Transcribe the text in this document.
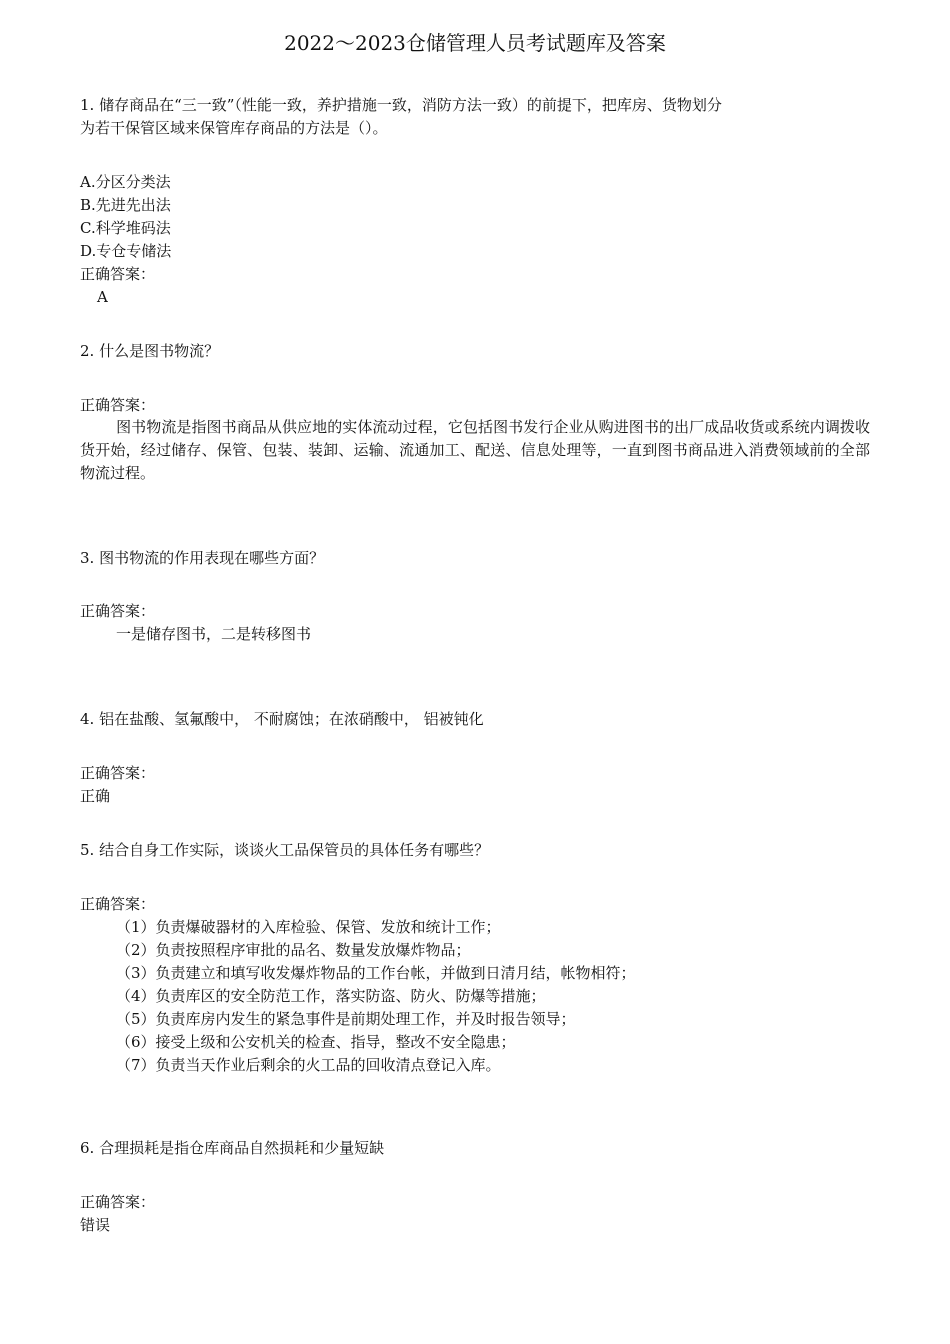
2022～2023仓储管理人员考试题库及答案
1. 储存商品在“三一致”（性能一致，养护措施一致，消防方法一致）的前提下，把库房、货物划分
为若干保管区域来保管库存商品的方法是（）。
A.分区分类法
B.先进先出法
C.科学堆码法
D.专仓专储法
正确答案：
A
2. 什么是图书物流？
正确答案：
图书物流是指图书商品从供应地的实体流动过程，它包括图书发行企业从购进图书的出厂成品收货或系统内调拨收货开始，经过储存、保管、包装、装卸、运输、流通加工、配送、信息处理等，一直到图书商品进入消费领域前的全部物流过程。
3. 图书物流的作用表现在哪些方面？
正确答案：
一是储存图书，二是转移图书
4. 铝在盐酸、氢氟酸中， 不耐腐蚀；在浓硝酸中， 铝被钝化
正确答案：
正确
5. 结合自身工作实际，谈谈火工品保管员的具体任务有哪些？
正确答案：
（1）负责爆破器材的入库检验、保管、发放和统计工作；
（2）负责按照程序审批的品名、数量发放爆炸物品；
（3）负责建立和填写收发爆炸物品的工作台帐，并做到日清月结，帐物相符；
（4）负责库区的安全防范工作，落实防盗、防火、防爆等措施；
（5）负责库房内发生的紧急事件是前期处理工作，并及时报告领导；
（6）接受上级和公安机关的检查、指导，整改不安全隐患；
（7）负责当天作业后剩余的火工品的回收清点登记入库。
6. 合理损耗是指仓库商品自然损耗和少量短缺
正确答案：
错误
